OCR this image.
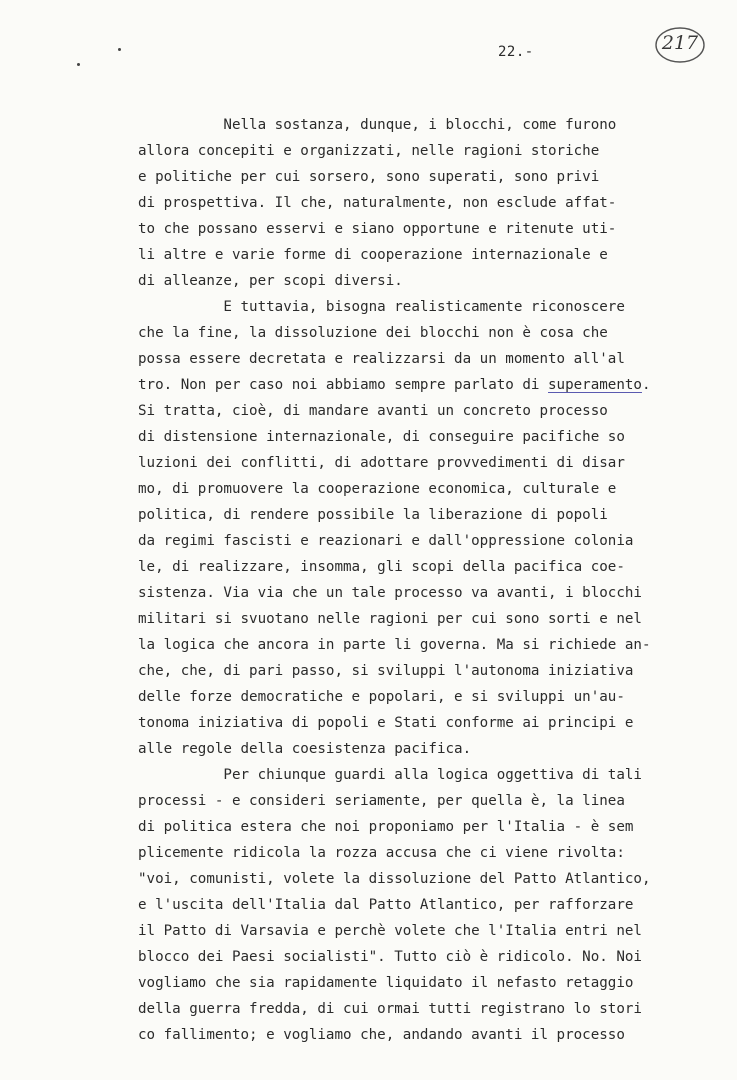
22.-	217
Nella sostanza, dunque, i blocchi, come furono
allora concepiti e organizzati, nelle ragioni storiche
e politiche per cui sorsero, sono superati, sono privi
di prospettiva. Il che, naturalmente, non esclude affat-
to che possano esservi e siano opportune e ritenute uti-
li altre e varie forme di cooperazione internazionale e
di alleanze, per scopi diversi.
E tuttavia, bisogna realisticamente riconoscere
che la fine, la dissoluzione dei blocchi non è cosa che
possa essere decretata e realizzarsi da un momento all'al
tro. Non per caso noi abbiamo sempre parlato di superamento.
Si tratta, cioè, di mandare avanti un concreto processo
di distensione internazionale, di conseguire pacifiche so
luzioni dei conflitti, di adottare provvedimenti di disar
mo, di promuovere la cooperazione economica, culturale e
politica, di rendere possibile la liberazione di popoli
da regimi fascisti e reazionari e dall'oppressione colonia
le, di realizzare, insomma, gli scopi della pacifica coe-
sistenza. Via via che un tale processo va avanti, i blocchi
militari si svuotano nelle ragioni per cui sono sorti e nel
la logica che ancora in parte li governa. Ma si richiede an-
che, che, di pari passo, si sviluppi l'autonoma iniziativa
delle forze democratiche e popolari, e si sviluppi un'au-
tonoma iniziativa di popoli e Stati conforme ai principi e
alle regole della coesistenza pacifica.
Per chiunque guardi alla logica oggettiva di tali
processi - e consideri seriamente, per quella è, la linea
di politica estera che noi proponiamo per l'Italia - è sem
plicemente ridicola la rozza accusa che ci viene rivolta:
"voi, comunisti, volete la dissoluzione del Patto Atlantico,
e l'uscita dell'Italia dal Patto Atlantico, per rafforzare
il Patto di Varsavia e perchè volete che l'Italia entri nel
blocco dei Paesi socialisti". Tutto ciò è ridicolo. No. Noi
vogliamo che sia rapidamente liquidato il nefasto retaggio
della guerra fredda, di cui ormai tutti registrano lo stori
co fallimento; e vogliamo che, andando avanti il processo
